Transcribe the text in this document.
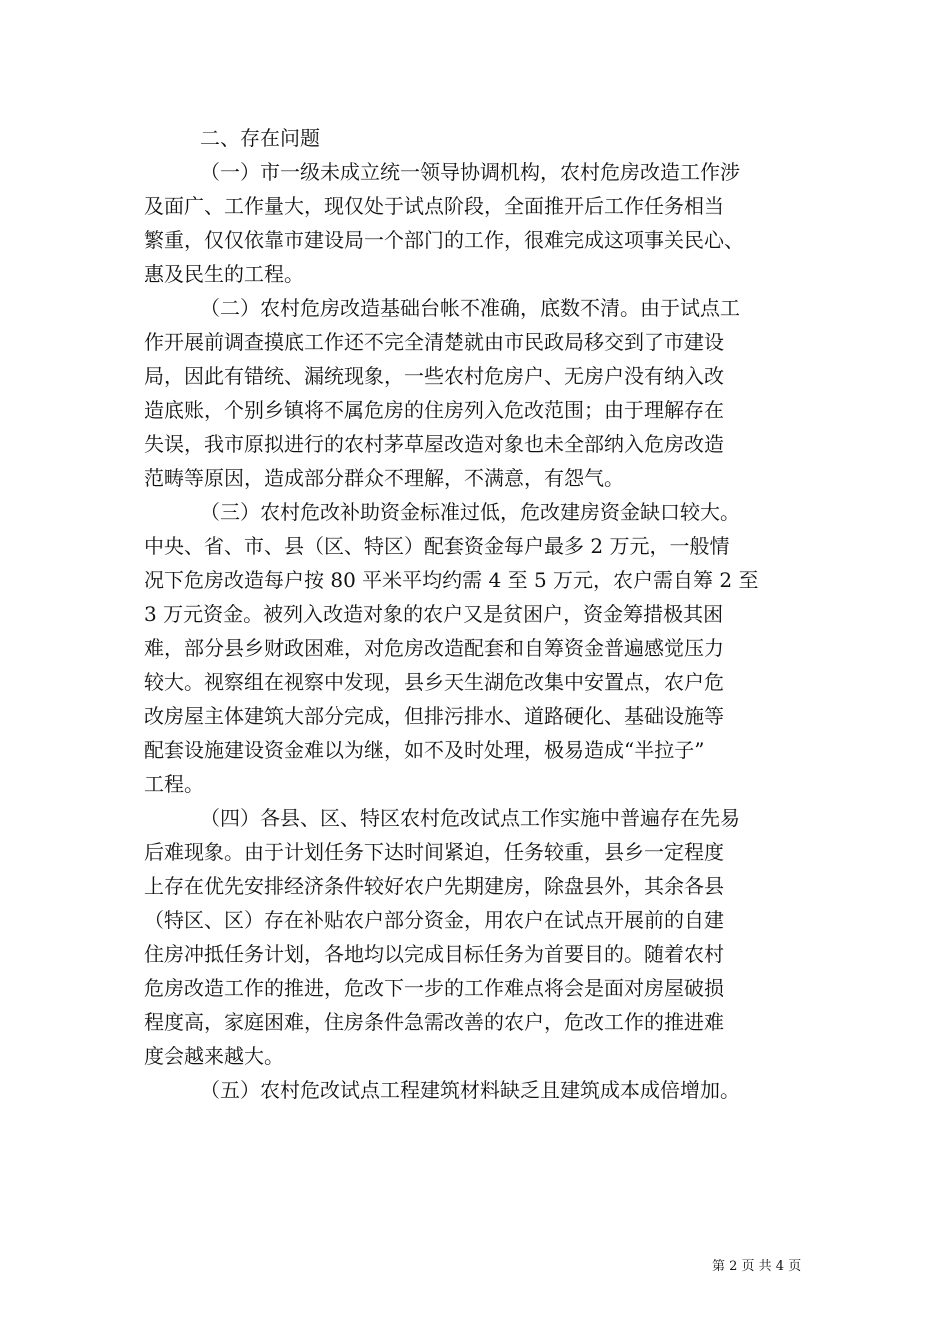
二、存在问题
（一）市一级未成立统一领导协调机构，农村危房改造工作涉
及面广、工作量大，现仅处于试点阶段，全面推开后工作任务相当
繁重，仅仅依靠市建设局一个部门的工作，很难完成这项事关民心、
惠及民生的工程。
（二）农村危房改造基础台帐不准确，底数不清。由于试点工
作开展前调查摸底工作还不完全清楚就由市民政局移交到了市建设
局，因此有错统、漏统现象，一些农村危房户、无房户没有纳入改
造底账，个别乡镇将不属危房的住房列入危改范围；由于理解存在
失误，我市原拟进行的农村茅草屋改造对象也未全部纳入危房改造
范畴等原因，造成部分群众不理解，不满意，有怨气。
（三）农村危改补助资金标准过低，危改建房资金缺口较大。
中央、省、市、县（区、特区）配套资金每户最多 2 万元，一般情
况下危房改造每户按 80 平米平均约需 4 至 5 万元，农户需自筹 2 至
3 万元资金。被列入改造对象的农户又是贫困户，资金筹措极其困
难，部分县乡财政困难，对危房改造配套和自筹资金普遍感觉压力
较大。视察组在视察中发现，县乡天生湖危改集中安置点，农户危
改房屋主体建筑大部分完成，但排污排水、道路硬化、基础设施等
配套设施建设资金难以为继，如不及时处理，极易造成“半拉子”
工程。
（四）各县、区、特区农村危改试点工作实施中普遍存在先易
后难现象。由于计划任务下达时间紧迫，任务较重，县乡一定程度
上存在优先安排经济条件较好农户先期建房，除盘县外，其余各县
（特区、区）存在补贴农户部分资金，用农户在试点开展前的自建
住房冲抵任务计划，各地均以完成目标任务为首要目的。随着农村
危房改造工作的推进，危改下一步的工作难点将会是面对房屋破损
程度高，家庭困难，住房条件急需改善的农户，危改工作的推进难
度会越来越大。
（五）农村危改试点工程建筑材料缺乏且建筑成本成倍增加。
第 2 页 共 4 页
